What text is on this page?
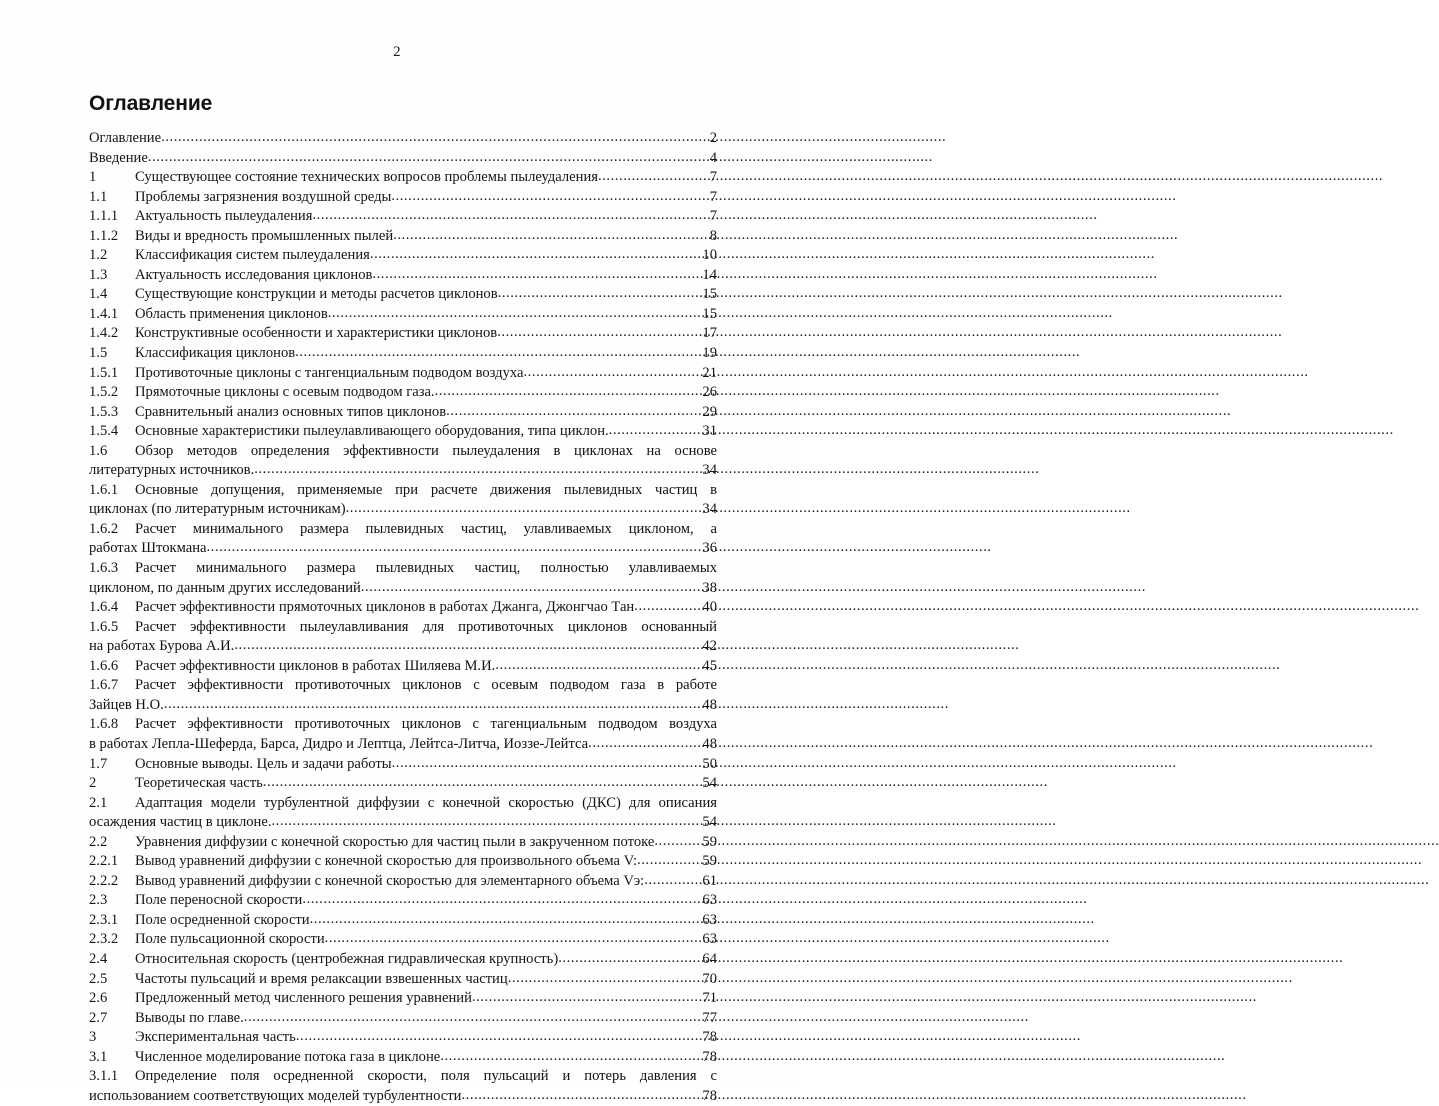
2
Оглавление
Оглавление .....	2
Введение .....	4
1	Существующее состояние технических вопросов проблемы пылеудаления .....	7
1.1	Проблемы загрязнения воздушной среды .....	7
1.1.1	Актуальность пылеудаления .....	7
1.1.2	Виды и вредность промышленных пылей .....	8
1.2	Классификация систем пылеудаления .....	10
1.3	Актуальность исследования циклонов .....	14
1.4	Существующие конструкции и методы расчетов циклонов .....	15
1.4.1	Область применения циклонов .....	15
1.4.2	Конструктивные особенности и характеристики циклонов .....	17
1.5	Классификация циклонов .....	19
1.5.1	Противоточные циклоны с тангенциальным подводом воздуха .....	21
1.5.2	Прямоточные циклоны с осевым подводом газа. .....	26
1.5.3	Сравнительный анализ основных типов циклонов .....	29
1.5.4	Основные характеристики пылеулавливающего оборудования, типа циклон. .....	31
1.6	Обзор методов определения эффективности пылеудаления в циклонах на основе
литературных источников. .....	34
1.6.1	Основные допущения, применяемые при расчете движения пылевидных частиц в
циклонах (по литературным источникам) .....	34
1.6.2	Расчет минимального размера пылевидных частиц, улавливаемых циклоном, а
работах Штокмана .....	36
1.6.3	Расчет минимального размера пылевидных частиц, полностью улавливаемых
циклоном, по данным других исследований .....	38
1.6.4	Расчет эффективности прямоточных циклонов в работах Джанга, Джонгчао Тан .....	40
1.6.5	Расчет эффективности пылеулавливания для противоточных циклонов основанный
на работах Бурова А.И. .....	42
1.6.6	Расчет эффективности циклонов в работах Шиляева М.И. .....	45
1.6.7	Расчет эффективности противоточных циклонов с осевым подводом газа в работе
Зайцев Н.О. .....	48
1.6.8	Расчет эффективности противоточных циклонов с тагенциальным подводом воздуха
в работах Лепла-Шеферда, Барса, Дидро и Лептца, Лейтса-Литча, Иоззе-Лейтса .....	48
1.7	Основные выводы. Цель и задачи работы .....	50
2	Теоретическая часть .....	54
2.1	Адаптация модели турбулентной диффузии с конечной скоростью (ДКС) для описания
осаждения частиц в циклоне. .....	54
2.2	Уравнения диффузии с конечной скоростью для частиц пыли в закрученном потоке .....	59
2.2.1	Вывод уравнений диффузии с конечной скоростью для произвольного объема V: .....	59
2.2.2	Вывод уравнений диффузии с конечной скоростью для элементарного объема Vэ: .....	61
2.3	Поле переносной скорости .....	63
2.3.1	Поле осредненной скорости .....	63
2.3.2	Поле пульсационной скорости .....	63
2.4	Относительная скорость (центробежная гидравлическая крупность) .....	64
2.5	Частоты пульсаций и время релаксации взвешенных частиц .....	70
2.6	Предложенный метод численного решения уравнений .....	71
2.7	Выводы по главе. .....	77
3	Экспериментальная часть .....	78
3.1	Численное моделирование потока газа в циклоне .....	78
3.1.1	Определение поля осредненной скорости, поля пульсаций и потерь давления с
использованием соответствующих моделей турбулентности .....	78
